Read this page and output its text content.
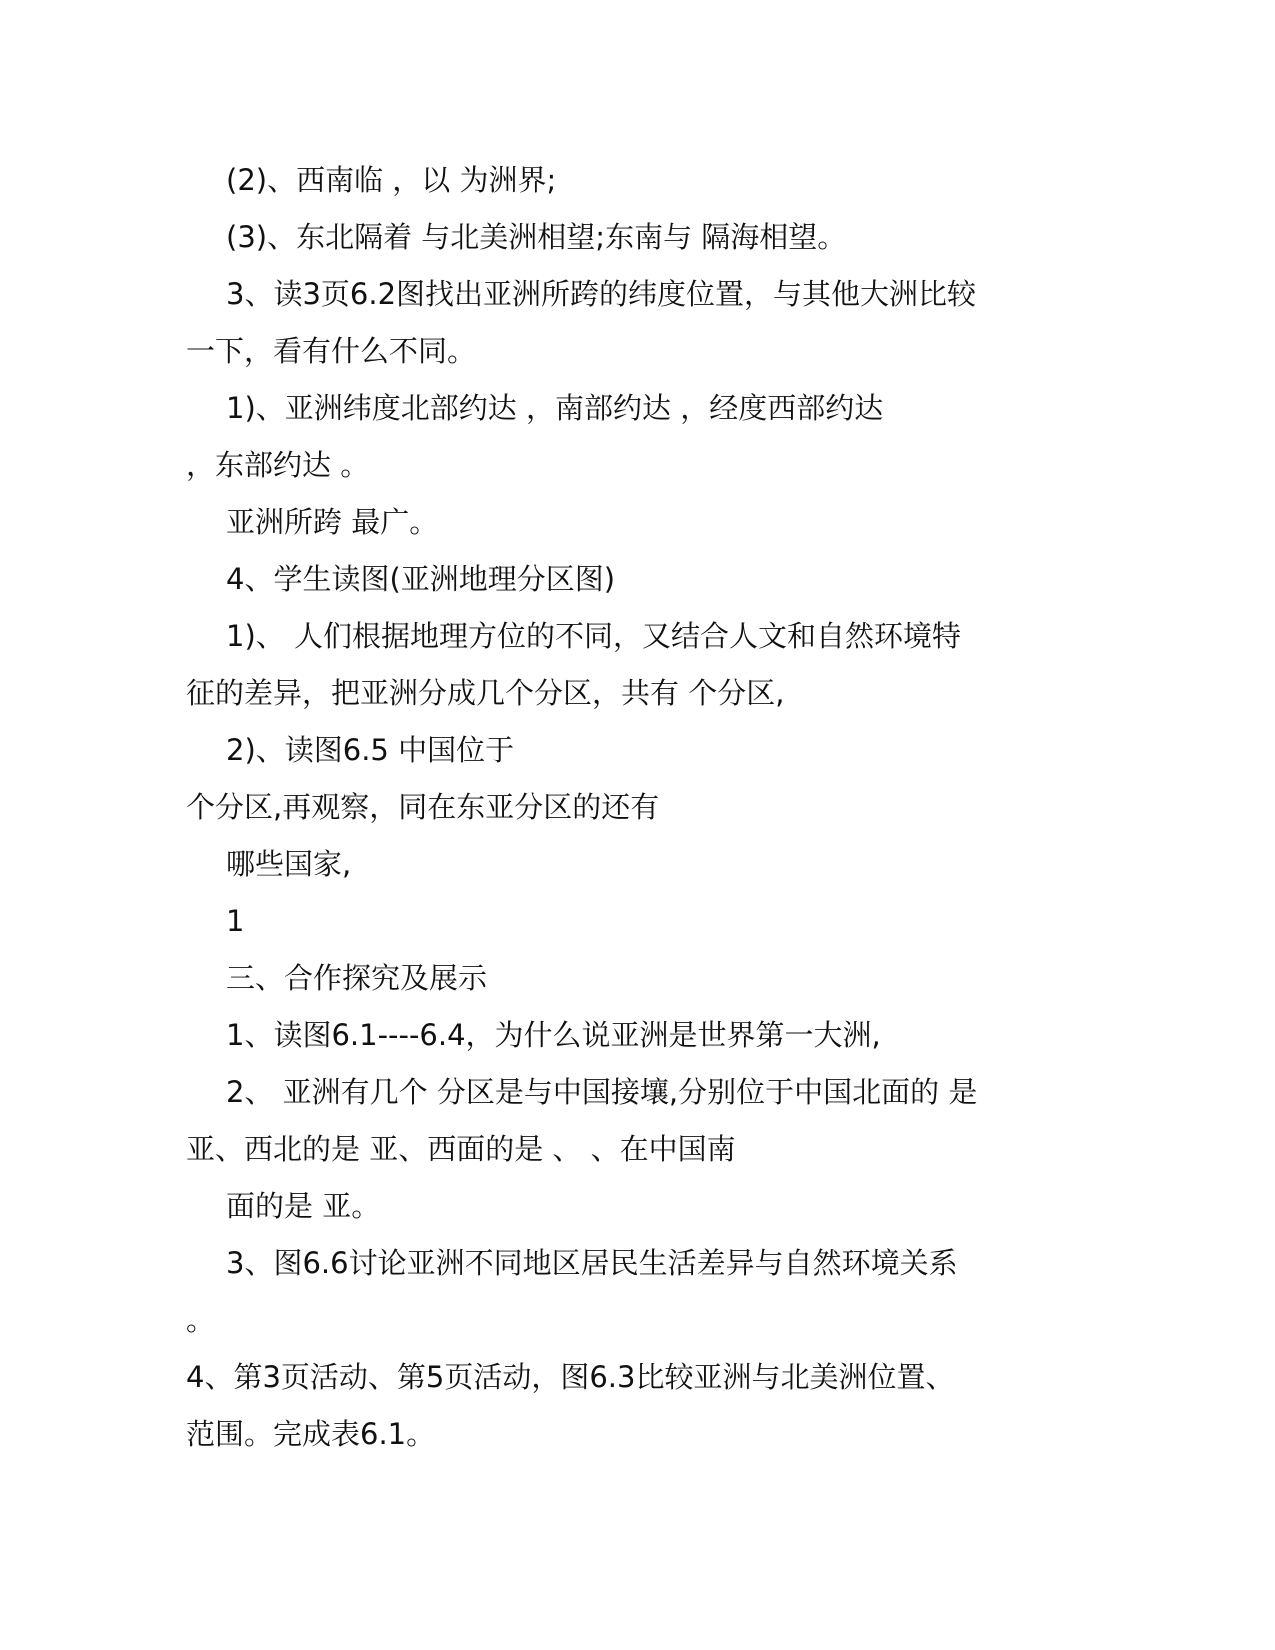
(2)、西南临 ，以 为洲界;
(3)、东北隔着 与北美洲相望;东南与 隔海相望。
3、读3页6.2图找出亚洲所跨的纬度位置，与其他大洲比较
一下，看有什么不同。
1)、亚洲纬度北部约达 ，南部约达 ，经度西部约达
，东部约达 。
亚洲所跨 最广。
4、学生读图(亚洲地理分区图)
1)、 人们根据地理方位的不同，又结合人文和自然环境特
征的差异，把亚洲分成几个分区，共有 个分区,
2)、读图6.5 中国位于
个分区,再观察，同在东亚分区的还有
哪些国家,
1
三、合作探究及展示
1、读图6.1----6.4，为什么说亚洲是世界第一大洲,
2、 亚洲有几个 分区是与中国接壤,分别位于中国北面的 是
亚、西北的是 亚、西面的是 、 、在中国南
面的是 亚。
3、图6.6讨论亚洲不同地区居民生活差异与自然环境关系
。
4、第3页活动、第5页活动，图6.3比较亚洲与北美洲位置、
范围。完成表6.1。
